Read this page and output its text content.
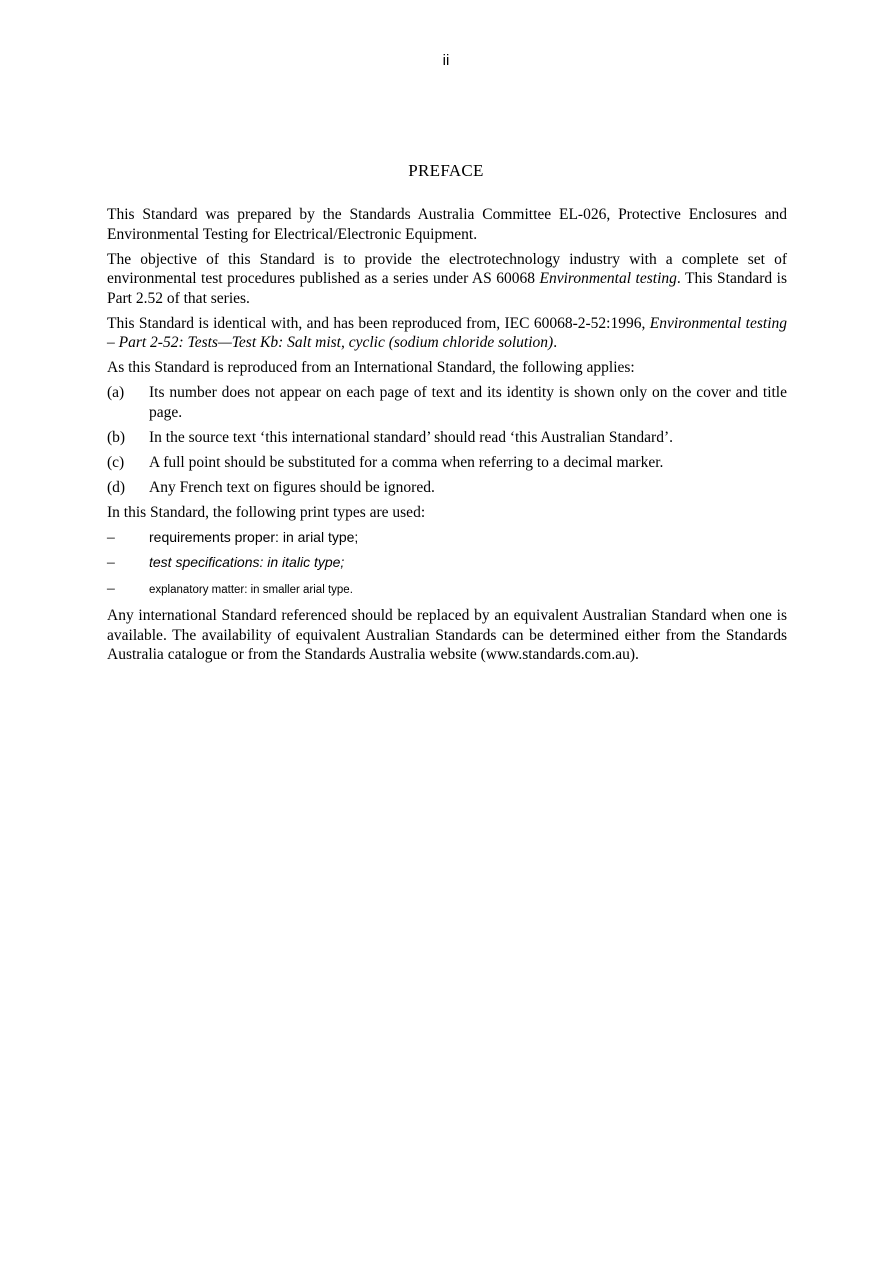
ii
PREFACE

This Standard was prepared by the Standards Australia Committee EL-026, Protective Enclosures and Environmental Testing for Electrical/Electronic Equipment.

The objective of this Standard is to provide the electrotechnology industry with a complete set of environmental test procedures published as a series under AS 60068 Environmental testing. This Standard is Part 2.52 of that series.

This Standard is identical with, and has been reproduced from, IEC 60068-2-52:1996, Environmental testing – Part 2-52: Tests—Test Kb: Salt mist, cyclic (sodium chloride solution).

As this Standard is reproduced from an International Standard, the following applies:

(a)	Its number does not appear on each page of text and its identity is shown only on the cover and title page.
(b)	In the source text ‘this international standard’ should read ‘this Australian Standard’.
(c)	A full point should be substituted for a comma when referring to a decimal marker.
(d)	Any French text on figures should be ignored.

In this Standard, the following print types are used:

–	requirements proper: in arial type;
–	test specifications: in italic type;
–	explanatory matter: in smaller arial type.

Any international Standard referenced should be replaced by an equivalent Australian Standard when one is available. The availability of equivalent Australian Standards can be determined either from the Standards Australia catalogue or from the Standards Australia website (www.standards.com.au).
